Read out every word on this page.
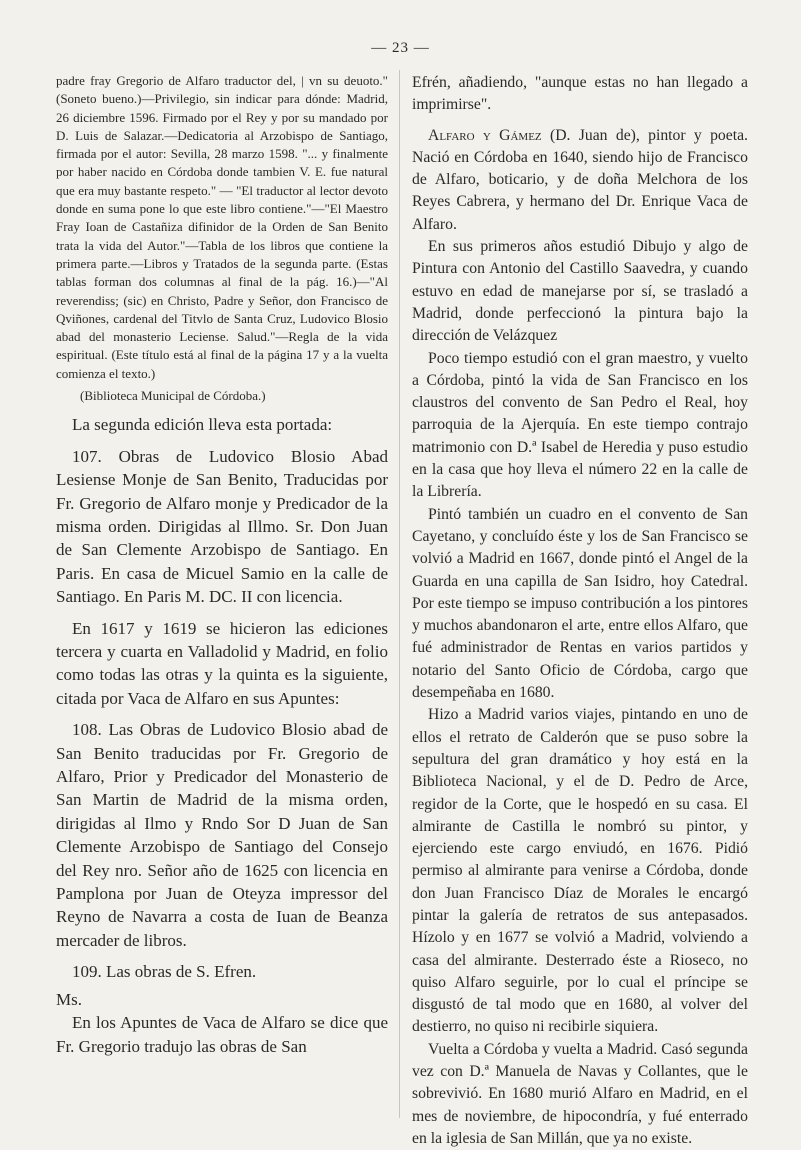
— 23 —

padre fray Gregorio de Alfaro traductor del, | vn su deuoto." (Soneto bueno.)—Privilegio, sin indicar para dónde: Madrid, 26 diciembre 1596. Firmado por el Rey y por su mandado por D. Luis de Salazar.—Dedicatoria al Arzobispo de Santiago, firmada por el autor: Sevilla, 28 marzo 1598. "... y finalmente por haber nacido en Córdoba donde tambien V. E. fue natural que era muy bastante respeto." — "El traductor al lector devoto donde en suma pone lo que este libro contiene."—"El Maestro Fray Ioan de Castañiza difinidor de la Orden de San Benito trata la vida del Autor."—Tabla de los libros que contiene la primera parte.—Libros y Tratados de la segunda parte. (Estas tablas forman dos columnas al final de la pág. 16.)—"Al reverendiss; (sic) en Christo, Padre y Señor, don Francisco de Qviñones, cardenal del Titvlo de Santa Cruz, Ludovico Blosio abad del monasterio Leciense. Salud."—Regla de la vida espiritual. (Este título está al final de la página 17 y a la vuelta comienza el texto.)

(Biblioteca Municipal de Córdoba.)

La segunda edición lleva esta portada:

107. Obras de Ludovico Blosio Abad Lesiense Monje de San Benito, Traducidas por Fr. Gregorio de Alfaro monje y Predicador de la misma orden. Dirigidas al Illmo. Sr. Don Juan de San Clemente Arzobispo de Santiago. En Paris. En casa de Micuel Samio en la calle de Santiago. En Paris M. DC. II con licencia.

En 1617 y 1619 se hicieron las ediciones tercera y cuarta en Valladolid y Madrid, en folio como todas las otras y la quinta es la siguiente, citada por Vaca de Alfaro en sus Apuntes:

108. Las Obras de Ludovico Blosio abad de San Benito traducidas por Fr. Gregorio de Alfaro, Prior y Predicador del Monasterio de San Martin de Madrid de la misma orden, dirigidas al Ilmo y Rndo Sor D Juan de San Clemente Arzobispo de Santiago del Consejo del Rey nro. Señor año de 1625 con licencia en Pamplona por Juan de Oteyza impressor del Reyno de Navarra a costa de Iuan de Beanza mercader de libros.

109. Las obras de S. Efren.

Ms.

En los Apuntes de Vaca de Alfaro se dice que Fr. Gregorio tradujo las obras de San

Efrén, añadiendo, "aunque estas no han llegado a imprimirse".

Alfaro y Gámez (D. Juan de), pintor y poeta. Nació en Córdoba en 1640, siendo hijo de Francisco de Alfaro, boticario, y de doña Melchora de los Reyes Cabrera, y hermano del Dr. Enrique Vaca de Alfaro.

En sus primeros años estudió Dibujo y algo de Pintura con Antonio del Castillo Saavedra, y cuando estuvo en edad de manejarse por sí, se trasladó a Madrid, donde perfeccionó la pintura bajo la dirección de Velázquez

Poco tiempo estudió con el gran maestro, y vuelto a Córdoba, pintó la vida de San Francisco en los claustros del convento de San Pedro el Real, hoy parroquia de la Ajerquía. En este tiempo contrajo matrimonio con D.ª Isabel de Heredia y puso estudio en la casa que hoy lleva el número 22 en la calle de la Librería.

Pintó también un cuadro en el convento de San Cayetano, y concluído éste y los de San Francisco se volvió a Madrid en 1667, donde pintó el Angel de la Guarda en una capilla de San Isidro, hoy Catedral. Por este tiempo se impuso contribución a los pintores y muchos abandonaron el arte, entre ellos Alfaro, que fué administrador de Rentas en varios partidos y notario del Santo Oficio de Córdoba, cargo que desempeñaba en 1680.

Hizo a Madrid varios viajes, pintando en uno de ellos el retrato de Calderón que se puso sobre la sepultura del gran dramático y hoy está en la Biblioteca Nacional, y el de D. Pedro de Arce, regidor de la Corte, que le hospedó en su casa. El almirante de Castilla le nombró su pintor, y ejerciendo este cargo enviudó, en 1676. Pidió permiso al almirante para venirse a Córdoba, donde don Juan Francisco Díaz de Morales le encargó pintar la galería de retratos de sus antepasados. Hízolo y en 1677 se volvió a Madrid, volviendo a casa del almirante. Desterrado éste a Rioseco, no quiso Alfaro seguirle, por lo cual el príncipe se disgustó de tal modo que en 1680, al volver del destierro, no quiso ni recibirle siquiera.

Vuelta a Córdoba y vuelta a Madrid. Casó segunda vez con D.ª Manuela de Navas y Collantes, que le sobrevivió. En 1680 murió Alfaro en Madrid, en el mes de noviembre, de hipocondría, y fué enterrado en la iglesia de San Millán, que ya no existe.
